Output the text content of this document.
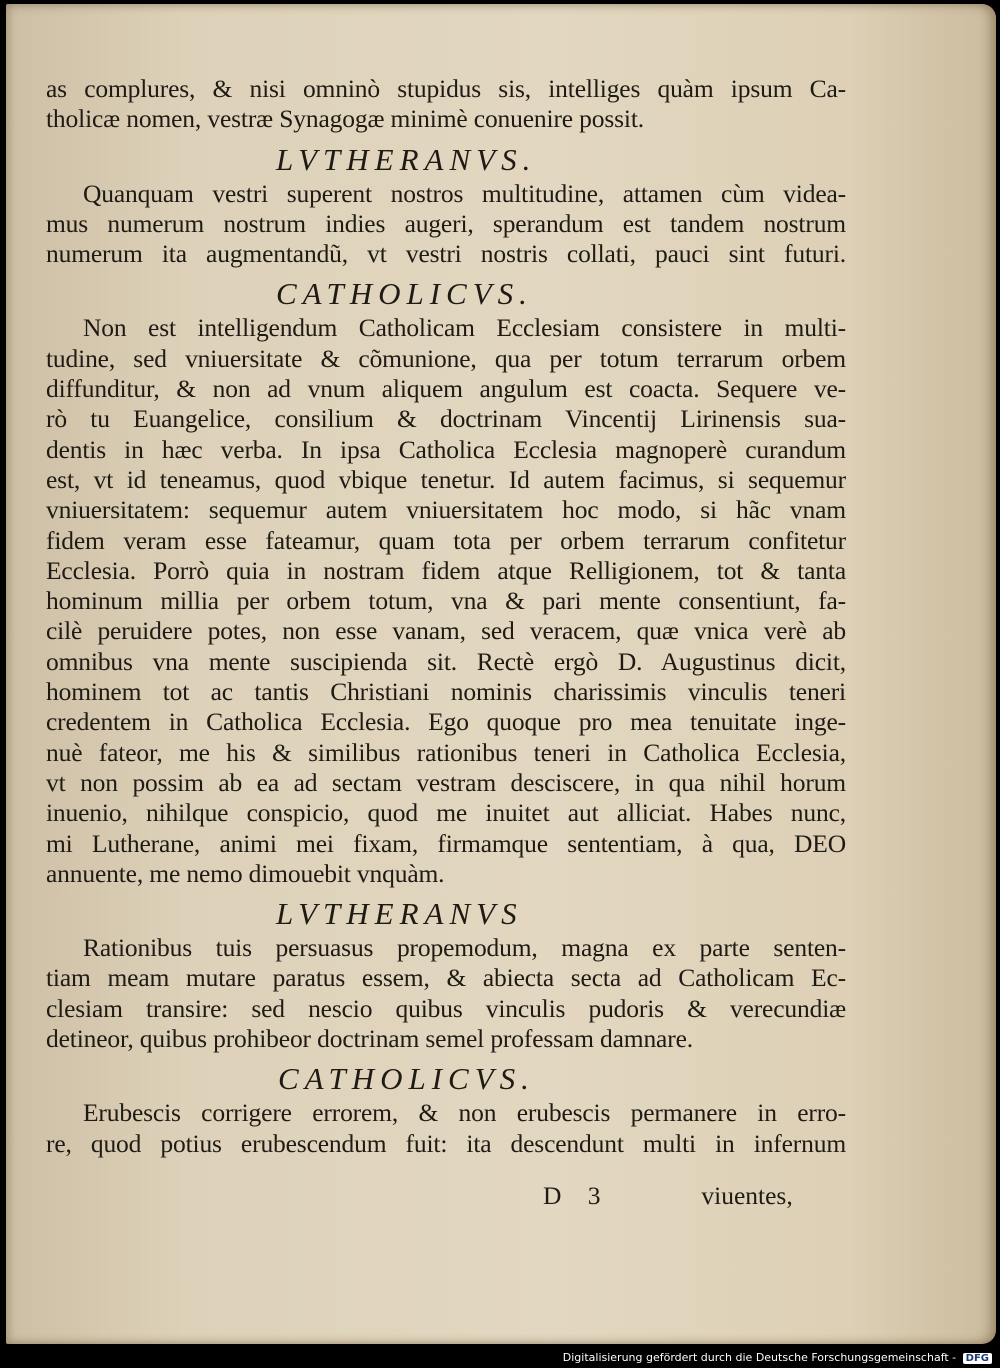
as complures, & nisi omninò stupidus sis, intelliges quàm ipsum Ca-
tholicæ nomen, vestræ Synagogæ minimè conuenire possit.
LVTHERANVS.
Quanquam vestri superent nostros multitudine, attamen cùm videa-
mus numerum nostrum indies augeri, sperandum est tandem nostrum
numerum ita augmentandũ, vt vestri nostris collati, pauci sint futuri.
CATHOLICVS.
Non est intelligendum Catholicam Ecclesiam consistere in multi-
tudine, sed vniuersitate & cõmunione, qua per totum terrarum orbem
diffunditur, & non ad vnum aliquem angulum est coacta. Sequere ve-
rò tu Euangelice, consilium & doctrinam Vincentij Lirinensis sua-
dentis in hæc verba. In ipsa Catholica Ecclesia magnoperè curandum
est, vt id teneamus, quod vbique tenetur. Id autem facimus, si sequemur
vniuersitatem: sequemur autem vniuersitatem hoc modo, si hãc vnam
fidem veram esse fateamur, quam tota per orbem terrarum confitetur
Ecclesia. Porrò quia in nostram fidem atque Relligionem, tot & tanta
hominum millia per orbem totum, vna & pari mente consentiunt, fa-
cilè peruidere potes, non esse vanam, sed veracem, quæ vnica verè ab
omnibus vna mente suscipienda sit. Rectè ergò D. Augustinus dicit,
hominem tot ac tantis Christiani nominis charissimis vinculis teneri
credentem in Catholica Ecclesia. Ego quoque pro mea tenuitate inge-
nuè fateor, me his & similibus rationibus teneri in Catholica Ecclesia,
vt non possim ab ea ad sectam vestram desciscere, in qua nihil horum
inuenio, nihilque conspicio, quod me inuitet aut alliciat. Habes nunc,
mi Lutherane, animi mei fixam, firmamque sententiam, à qua, DEO
annuente, me nemo dimouebit vnquàm.
LVTHERANVS
Rationibus tuis persuasus propemodum, magna ex parte senten-
tiam meam mutare paratus essem, & abiecta secta ad Catholicam Ec-
clesiam transire: sed nescio quibus vinculis pudoris & verecundiæ
detineor, quibus prohibeor doctrinam semel professam damnare.
CATHOLICVS.
Erubescis corrigere errorem, & non erubescis permanere in erro-
re, quod potius erubescendum fuit: ita descendunt multi in infernum
D 3	viuentes,
Digitalisierung gefördert durch die Deutsche Forschungsgemeinschaft - DFG
